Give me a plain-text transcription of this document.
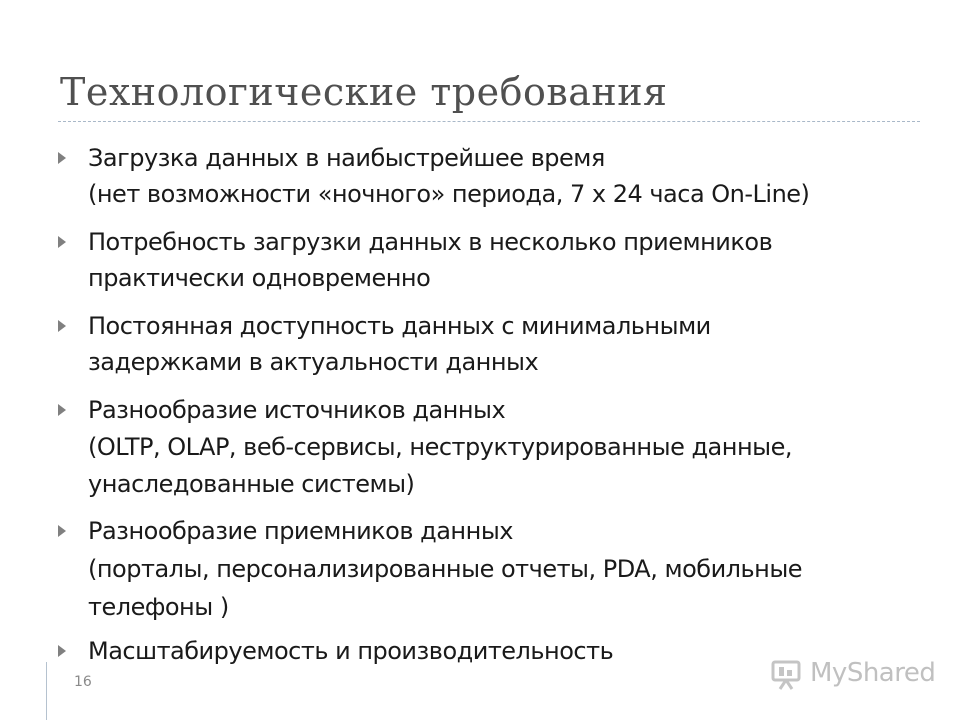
Технологические требования
Загрузка данных в наибыстрейшее время
(нет возможности «ночного» периода, 7 х 24 часа On-Line)
Потребность загрузки данных в несколько приемников
практически одновременно
Постоянная доступность данных с минимальными
задержками в актуальности данных
Разнообразие источников данных
(OLTP, OLAP, веб-сервисы, неструктурированные данные,
унаследованные системы)
Разнообразие приемников данных
(порталы, персонализированные отчеты, PDA, мобильные
телефоны )
Масштабируемость и производительность
16	MyShared
